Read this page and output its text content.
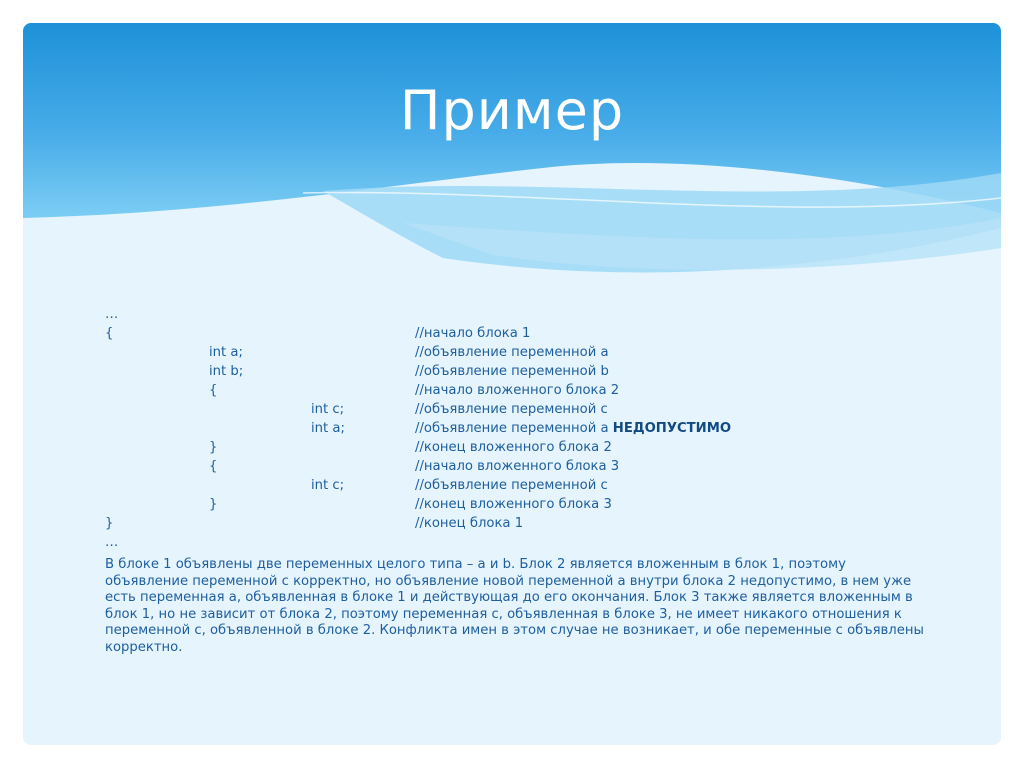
Пример
…
{	//начало блока 1
int a;	//объявление переменной a
int b;	//объявление переменной b
{	//начало вложенного блока 2
int c;	//объявление переменной с
int a;	//объявление переменной a НЕДОПУСТИМО
}	//конец вложенного блока 2
{	//начало вложенного блока 3
int c;	//объявление переменной с
}	//конец вложенного блока 3
}	//конец блока 1
…

В блоке 1 объявлены две переменных целого типа – a и b. Блок 2 является вложенным в блок 1, поэтому объявление переменной с корректно, но объявление новой переменной a внутри блока 2 недопустимо, в нем уже есть переменная a, объявленная в блоке 1 и действующая до его окончания. Блок 3 также является вложенным в блок 1, но не зависит от блока 2, поэтому переменная с, объявленная в блоке 3, не имеет никакого отношения к переменной с, объявленной в блоке 2. Конфликта имен в этом случае не возникает, и обе переменные с объявлены корректно.
